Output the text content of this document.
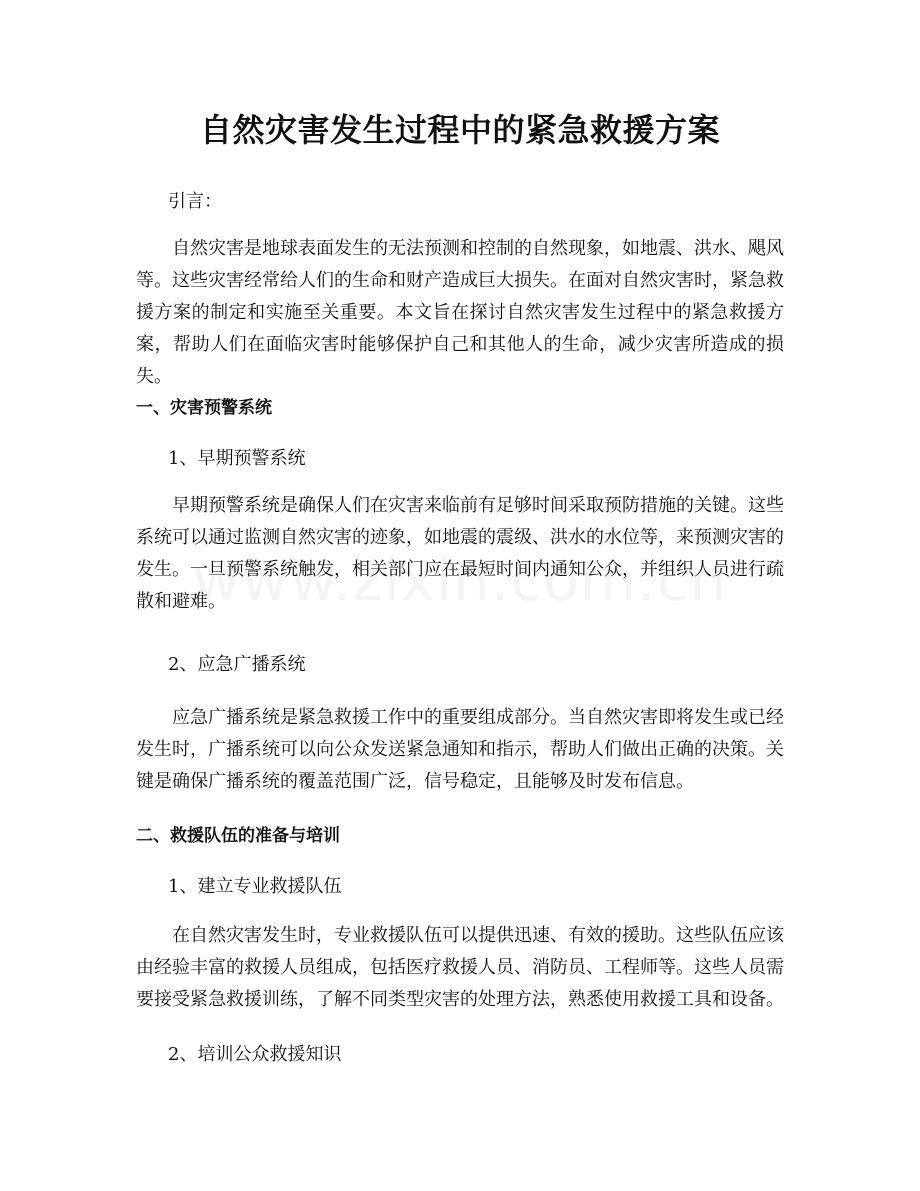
自然灾害发生过程中的紧急救援方案

引言：

自然灾害是地球表面发生的无法预测和控制的自然现象，如地震、洪水、飓风等。这些灾害经常给人们的生命和财产造成巨大损失。在面对自然灾害时，紧急救援方案的制定和实施至关重要。本文旨在探讨自然灾害发生过程中的紧急救援方案，帮助人们在面临灾害时能够保护自己和其他人的生命，减少灾害所造成的损失。

一、灾害预警系统

1、早期预警系统

早期预警系统是确保人们在灾害来临前有足够时间采取预防措施的关键。这些系统可以通过监测自然灾害的迹象，如地震的震级、洪水的水位等，来预测灾害的发生。一旦预警系统触发，相关部门应在最短时间内通知公众，并组织人员进行疏散和避难。

2、应急广播系统

应急广播系统是紧急救援工作中的重要组成部分。当自然灾害即将发生或已经发生时，广播系统可以向公众发送紧急通知和指示，帮助人们做出正确的决策。关键是确保广播系统的覆盖范围广泛，信号稳定，且能够及时发布信息。

二、救援队伍的准备与培训

1、建立专业救援队伍

在自然灾害发生时，专业救援队伍可以提供迅速、有效的援助。这些队伍应该由经验丰富的救援人员组成，包括医疗救援人员、消防员、工程师等。这些人员需要接受紧急救援训练，了解不同类型灾害的处理方法，熟悉使用救援工具和设备。

2、培训公众救援知识
